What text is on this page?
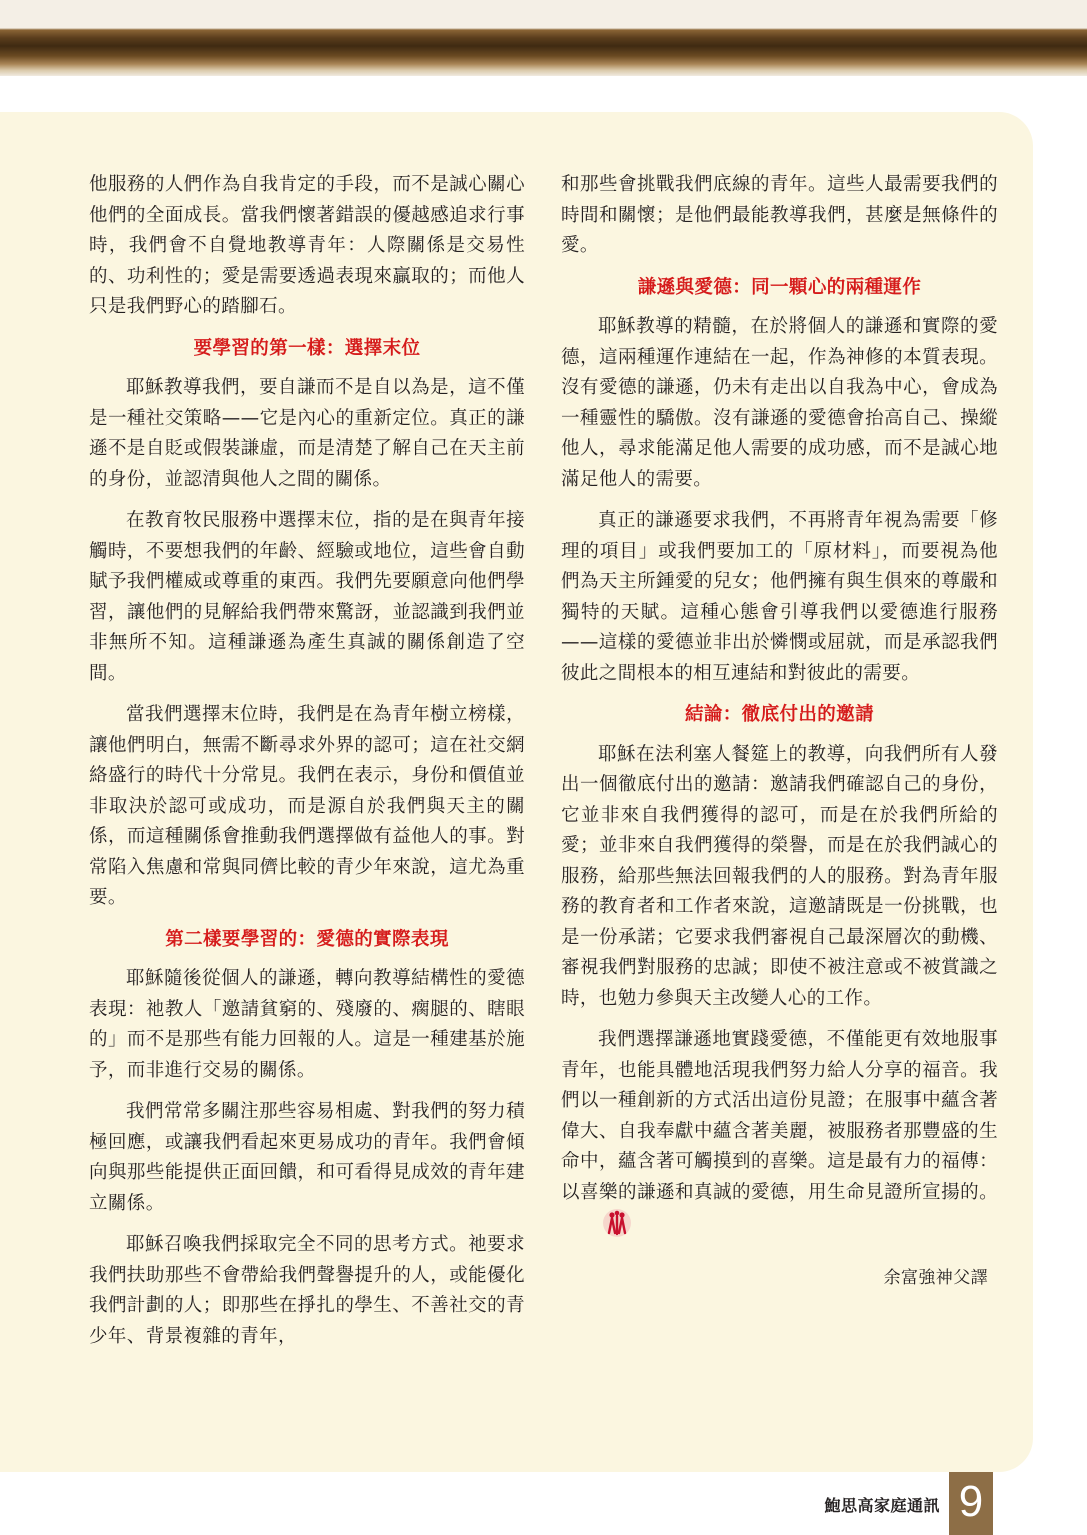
他服務的人們作為自我肯定的手段，而不是誠心關心他們的全面成長。當我們懷著錯誤的優越感追求行事時，我們會不自覺地教導青年：人際關係是交易性的、功利性的；愛是需要透過表現來贏取的；而他人只是我們野心的踏腳石。

要學習的第一樣：選擇末位

耶穌教導我們，要自謙而不是自以為是，這不僅是一種社交策略——它是內心的重新定位。真正的謙遜不是自貶或假裝謙虛，而是清楚了解自己在天主前的身份，並認清與他人之間的關係。

在教育牧民服務中選擇末位，指的是在與青年接觸時，不要想我們的年齡、經驗或地位，這些會自動賦予我們權威或尊重的東西。我們先要願意向他們學習，讓他們的見解給我們帶來驚訝，並認識到我們並非無所不知。這種謙遜為產生真誠的關係創造了空間。

當我們選擇末位時，我們是在為青年樹立榜樣，讓他們明白，無需不斷尋求外界的認可；這在社交網絡盛行的時代十分常見。我們在表示，身份和價值並非取決於認可或成功，而是源自於我們與天主的關係，而這種關係會推動我們選擇做有益他人的事。對常陷入焦慮和常與同儕比較的青少年來說，這尤為重要。

第二樣要學習的：愛德的實際表現

耶穌隨後從個人的謙遜，轉向教導結構性的愛德表現：祂教人「邀請貧窮的、殘廢的、瘸腿的、瞎眼的」而不是那些有能力回報的人。這是一種建基於施予，而非進行交易的關係。

我們常常多關注那些容易相處、對我們的努力積極回應，或讓我們看起來更易成功的青年。我們會傾向與那些能提供正面回饋，和可看得見成效的青年建立關係。

耶穌召喚我們採取完全不同的思考方式。祂要求我們扶助那些不會帶給我們聲譽提升的人，或能優化我們計劃的人；即那些在掙扎的學生、不善社交的青少年、背景複雜的青年，

和那些會挑戰我們底線的青年。這些人最需要我們的時間和關懷；是他們最能教導我們，甚麼是無條件的愛。

謙遜與愛德：同一顆心的兩種運作

耶穌教導的精髓，在於將個人的謙遜和實際的愛德，這兩種運作連結在一起，作為神修的本質表現。沒有愛德的謙遜，仍未有走出以自我為中心，會成為一種靈性的驕傲。沒有謙遜的愛德會抬高自己、操縱他人，尋求能滿足他人需要的成功感，而不是誠心地滿足他人的需要。

真正的謙遜要求我們，不再將青年視為需要「修理的項目」或我們要加工的「原材料」，而要視為他們為天主所鍾愛的兒女；他們擁有與生俱來的尊嚴和獨特的天賦。這種心態會引導我們以愛德進行服務——這樣的愛德並非出於憐憫或屈就，而是承認我們彼此之間根本的相互連結和對彼此的需要。

結論：徹底付出的邀請

耶穌在法利塞人餐筵上的教導，向我們所有人發出一個徹底付出的邀請：邀請我們確認自己的身份，它並非來自我們獲得的認可，而是在於我們所給的愛；並非來自我們獲得的榮譽，而是在於我們誠心的服務，給那些無法回報我們的人的服務。對為青年服務的教育者和工作者來說，這邀請既是一份挑戰，也是一份承諾；它要求我們審視自己最深層次的動機、審視我們對服務的忠誠；即使不被注意或不被賞識之時，也勉力參與天主改變人心的工作。

我們選擇謙遜地實踐愛德，不僅能更有效地服事青年，也能具體地活現我們努力給人分享的福音。我們以一種創新的方式活出這份見證；在服事中蘊含著偉大、自我奉獻中蘊含著美麗，被服務者那豐盛的生命中，蘊含著可觸摸到的喜樂。這是最有力的福傳：以喜樂的謙遜和真誠的愛德，用生命見證所宣揚的。

余富強神父譯

鮑思高家庭通訊 9
